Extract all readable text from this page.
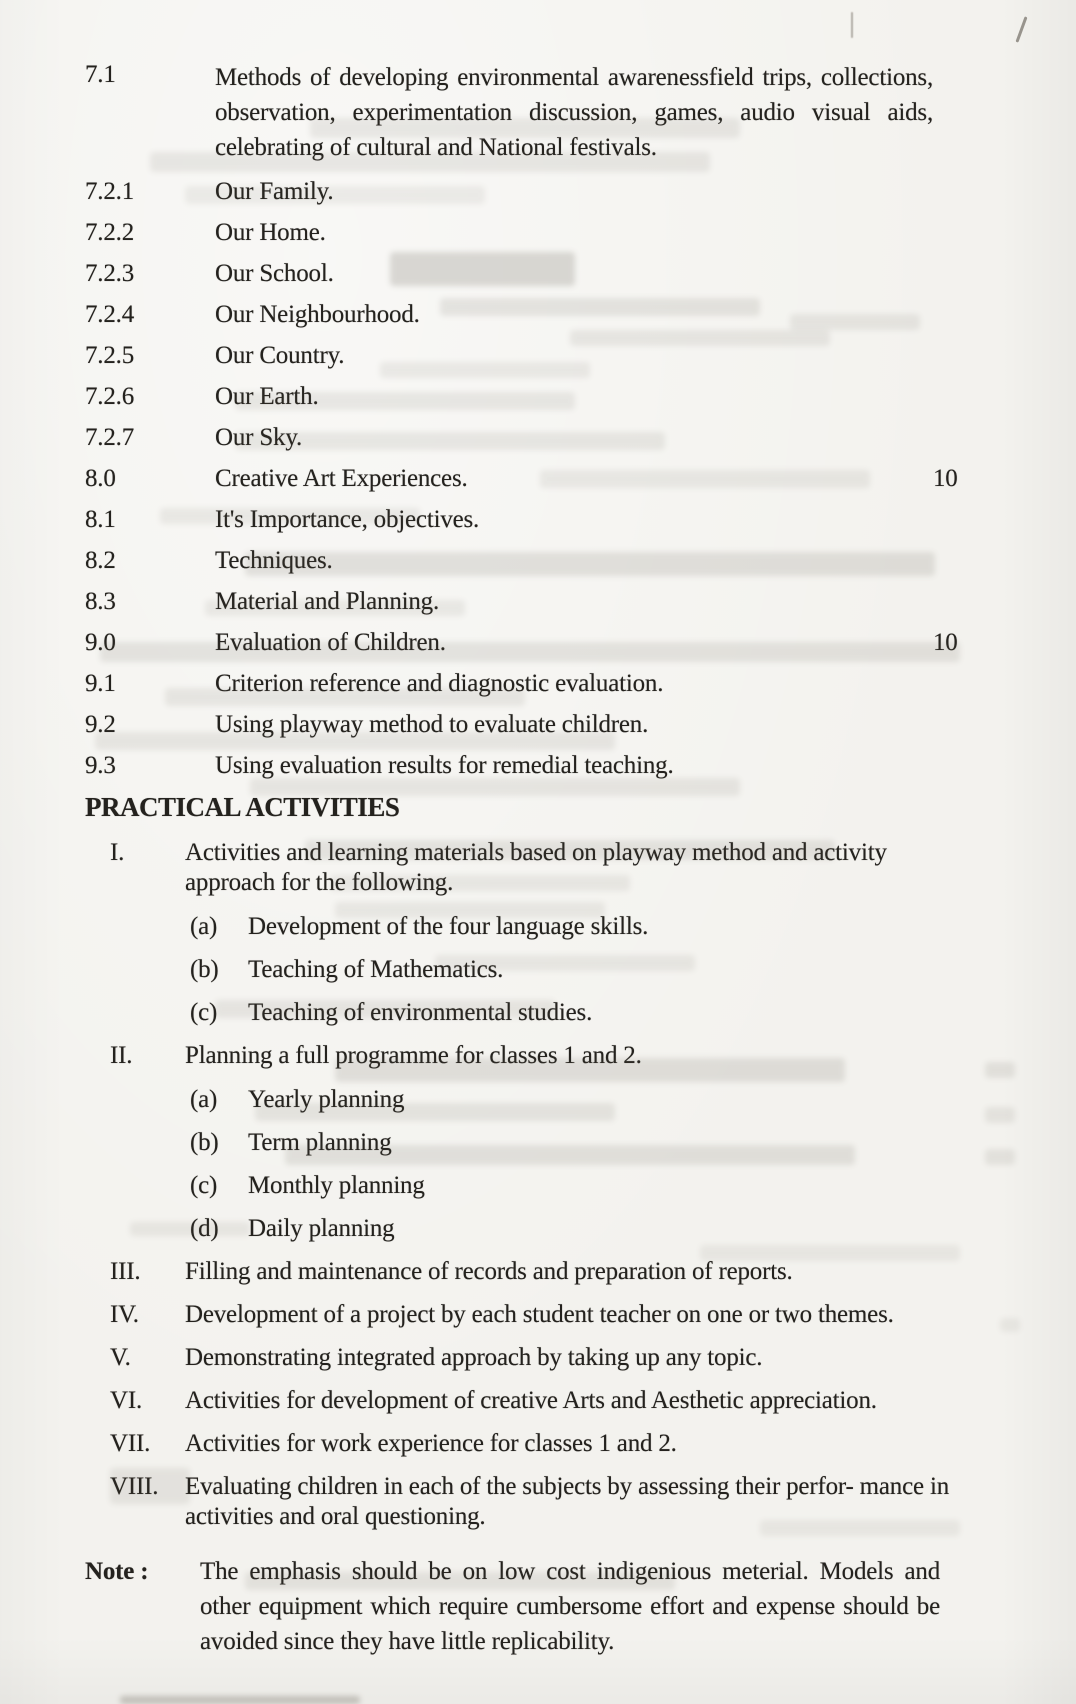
7.1	Methods of developing environmental awarenessfield trips, collections, observation, experimentation discussion, games, audio visual aids, celebrating of cultural and National festivals.
7.2.1	Our Family.
7.2.2	Our Home.
7.2.3	Our School.
7.2.4	Our Neighbourhood.
7.2.5	Our Country.
7.2.6	Our Earth.
7.2.7	Our Sky.
8.0	Creative Art Experiences.	10
8.1	It's Importance, objectives.
8.2	Techniques.
8.3	Material and Planning.
9.0	Evaluation of Children.	10
9.1	Criterion reference and diagnostic evaluation.
9.2	Using playway method to evaluate children.
9.3	Using evaluation results for remedial teaching.
PRACTICAL ACTIVITIES
I.	Activities and learning materials based on playway method and activity approach for the following.
(a)	Development of the four language skills.
(b)	Teaching of Mathematics.
(c)	Teaching of environmental studies.
II.	Planning a full programme for classes 1 and 2.
(a)	Yearly planning
(b)	Term planning
(c)	Monthly planning
(d)	Daily planning
III.	Filling and maintenance of records and preparation of reports.
IV.	Development of a project by each student teacher on one or two themes.
V.	Demonstrating integrated approach by taking up any topic.
VI.	Activities for development of creative Arts and Aesthetic appreciation.
VII.	Activities for work experience for classes 1 and 2.
VIII.	Evaluating children in each of the subjects by assessing their perfor- mance in activities and oral questioning.
Note :	The emphasis should be on low cost indigenious meterial. Models and other equipment which require cumbersome effort and expense should be avoided since they have little replicability.
